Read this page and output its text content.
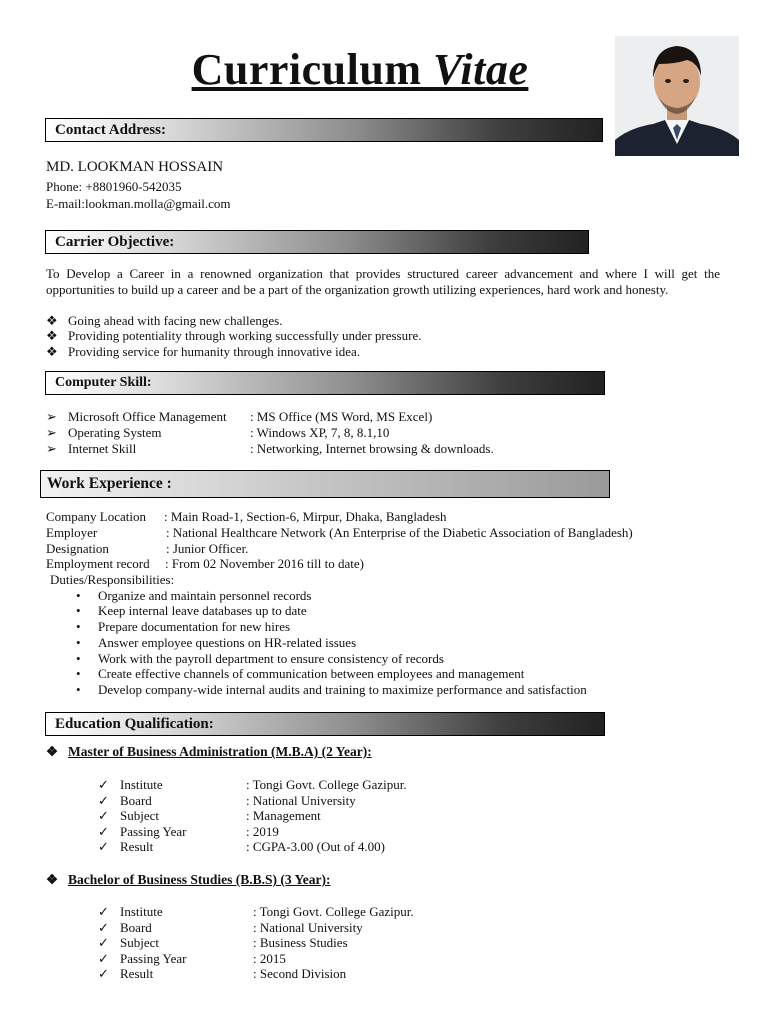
Curriculum Vitae
Contact Address:
MD. LOOKMAN HOSSAIN
Phone: +8801960-542035
E-mail:lookman.molla@gmail.com
Carrier Objective:
To Develop a Career in a renowned organization that provides structured career advancement and where I will get the opportunities to build up a career and be a part of the organization growth utilizing experiences, hard work and honesty.
❖ Going ahead with facing new challenges.
❖ Providing potentiality through working successfully under pressure.
❖ Providing service for humanity through innovative idea.
Computer Skill:
➢ Microsoft Office Management : MS Office (MS Word, MS Excel)
➢ Operating System	: Windows XP, 7, 8, 8.1,10
➢ Internet Skill	: Networking, Internet browsing & downloads.
Work Experience :
Company Location : Main Road-1, Section-6, Mirpur, Dhaka, Bangladesh
Employer	: National Healthcare Network (An Enterprise of the Diabetic Association of Bangladesh)
Designation	: Junior Officer.
Employment record : From 02 November 2016 till to date)
Duties/Responsibilities:
• Organize and maintain personnel records
• Keep internal leave databases up to date
• Prepare documentation for new hires
• Answer employee questions on HR-related issues
• Work with the payroll department to ensure consistency of records
• Create effective channels of communication between employees and management
• Develop company-wide internal audits and training to maximize performance and satisfaction
Education Qualification:
❖ Master of Business Administration (M.B.A) (2 Year):
✓ Institute	: Tongi Govt. College Gazipur.
✓ Board	: National University
✓ Subject	: Management
✓ Passing Year	: 2019
✓ Result	: CGPA-3.00 (Out of 4.00)
❖ Bachelor of Business Studies (B.B.S) (3 Year):
✓ Institute	: Tongi Govt. College Gazipur.
✓ Board	: National University
✓ Subject	: Business Studies
✓ Passing Year	: 2015
✓ Result	: Second Division
